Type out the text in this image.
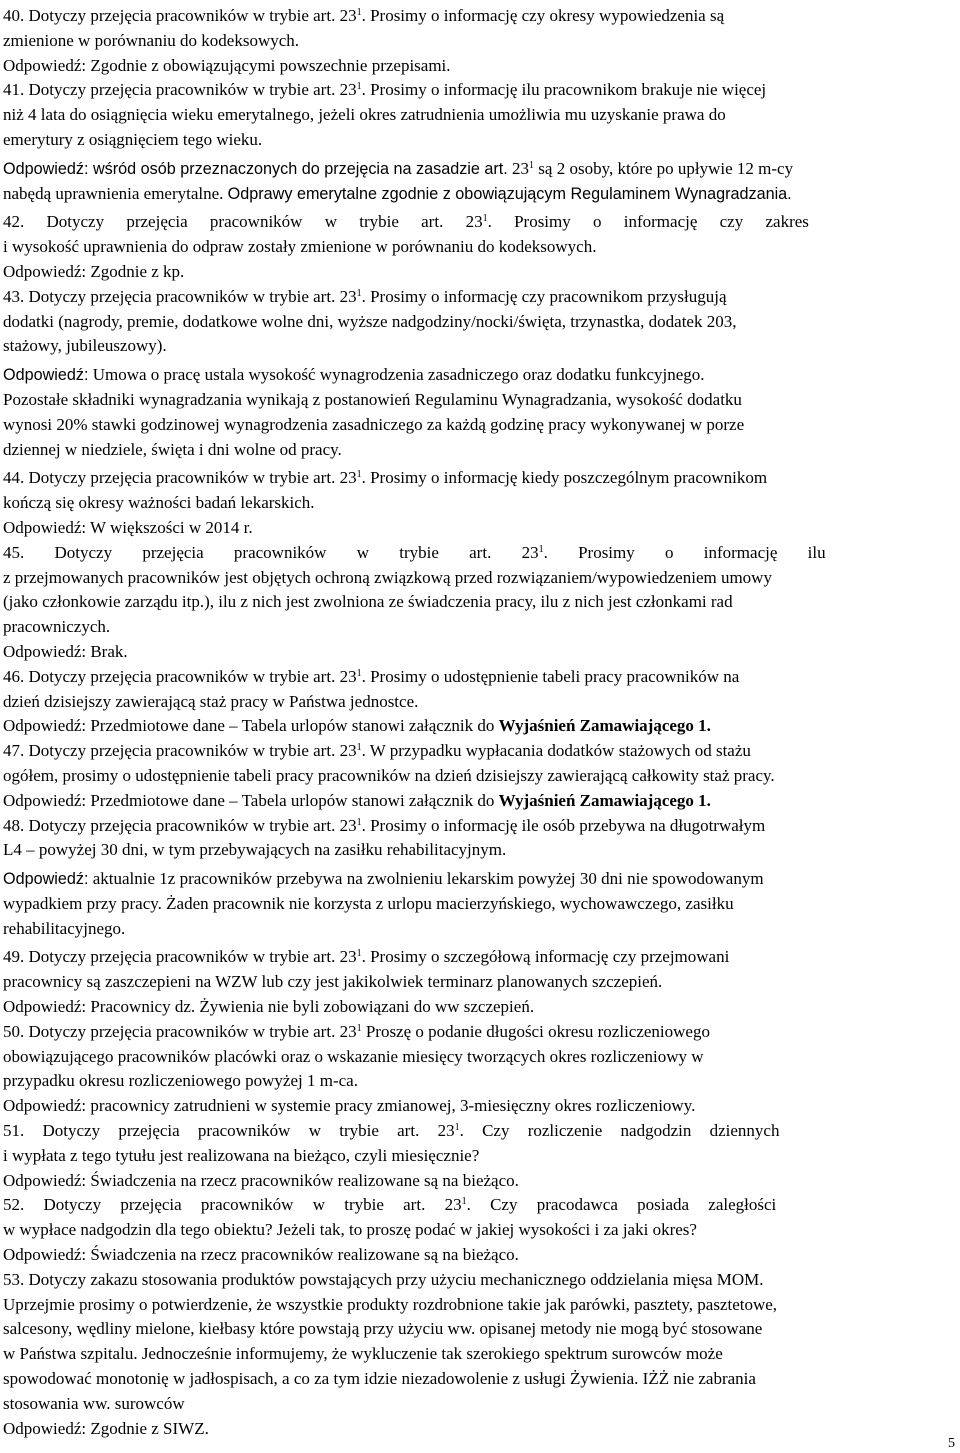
40. Dotyczy przejęcia pracowników w trybie art. $23^1$. Prosimy o informację czy okresy wypowiedzenia są
zmienione w porównaniu do kodeksowych.
Odpowiedź: Zgodnie z obowiązującymi powszechnie przepisami.
41. Dotyczy przejęcia pracowników w trybie art. $23^1$. Prosimy o informację ilu pracownikom brakuje nie więcej
niż 4 lata do osiągnięcia wieku emerytalnego, jeżeli okres zatrudnienia umożliwia mu uzyskanie prawa do
emerytury z osiągnięciem tego wieku.
Odpowiedź: wśród osób przeznaczonych do przejęcia na zasadzie art. $23^1$ są 2 osoby, które po upływie 12 m-cy
nabędą uprawnienia emerytalne. Odprawy emerytalne zgodnie z obowiązującym Regulaminem Wynagradzania.
42. Dotyczy przejęcia pracowników w trybie art. $23^1$. Prosimy o informację czy zakres
i wysokość uprawnienia do odpraw zostały zmienione w porównaniu do kodeksowych.
Odpowiedź: Zgodnie z kp.
43. Dotyczy przejęcia pracowników w trybie art. $23^1$. Prosimy o informację czy pracownikom przysługują
dodatki (nagrody, premie, dodatkowe wolne dni, wyższe nadgodziny/nocki/święta, trzynastka, dodatek 203,
stażowy, jubileuszowy).
Odpowiedź: Umowa o pracę ustala wysokość wynagrodzenia zasadniczego oraz dodatku funkcyjnego.
Pozostałe składniki wynagradzania wynikają z postanowień Regulaminu Wynagradzania, wysokość dodatku
wynosi 20% stawki godzinowej wynagrodzenia zasadniczego za każdą godzinę pracy wykonywanej w porze
dziennej w niedziele, święta i dni wolne od pracy.
44. Dotyczy przejęcia pracowników w trybie art. $23^1$. Prosimy o informację kiedy poszczególnym pracownikom
kończą się okresy ważności badań lekarskich.
Odpowiedź: W większości w 2014 r.
45. Dotyczy przejęcia pracowników w trybie art. $23^1$. Prosimy o informację ilu
z przejmowanych pracowników jest objętych ochroną związkową przed rozwiązaniem/wypowiedzeniem umowy
(jako członkowie zarządu itp.), ilu z nich jest zwolniona ze świadczenia pracy, ilu z nich jest członkami rad
pracowniczych.
Odpowiedź: Brak.
46. Dotyczy przejęcia pracowników w trybie art. $23^1$. Prosimy o udostępnienie tabeli pracy pracowników na
dzień dzisiejszy zawierającą staż pracy w Państwa jednostce.
Odpowiedź: Przedmiotowe dane – Tabela urlopów stanowi załącznik do Wyjaśnień Zamawiającego 1.
47. Dotyczy przejęcia pracowników w trybie art. $23^1$. W przypadku wypłacania dodatków stażowych od stażu
ogółem, prosimy o udostępnienie tabeli pracy pracowników na dzień dzisiejszy zawierającą całkowity staż pracy.
Odpowiedź: Przedmiotowe dane – Tabela urlopów stanowi załącznik do Wyjaśnień Zamawiającego 1.
48. Dotyczy przejęcia pracowników w trybie art. $23^1$. Prosimy o informację ile osób przebywa na długotrwałym
L4 – powyżej 30 dni, w tym przebywających na zasiłku rehabilitacyjnym.
Odpowiedź: aktualnie 1z pracowników przebywa na zwolnieniu lekarskim powyżej 30 dni nie spowodowanym
wypadkiem przy pracy. Żaden pracownik nie korzysta z urlopu macierzyńskiego, wychowawczego, zasiłku
rehabilitacyjnego.
49. Dotyczy przejęcia pracowników w trybie art. $23^1$. Prosimy o szczegółową informację czy przejmowani
pracownicy są zaszczepieni na WZW lub czy jest jakikolwiek terminarz planowanych szczepień.
Odpowiedź: Pracownicy dz. Żywienia nie byli zobowiązani do ww szczepień.
50. Dotyczy przejęcia pracowników w trybie art. $23^1$ Proszę o podanie długości okresu rozliczeniowego
obowiązującego pracowników placówki oraz o wskazanie miesięcy tworzących okres rozliczeniowy w
przypadku okresu rozliczeniowego powyżej 1 m-ca.
Odpowiedź: pracownicy zatrudnieni w systemie pracy zmianowej, 3-miesięczny okres rozliczeniowy.
51. Dotyczy przejęcia pracowników w trybie art. $23^1$. Czy rozliczenie nadgodzin dziennych
i wypłata z tego tytułu jest realizowana na bieżąco, czyli miesięcznie?
Odpowiedź: Świadczenia na rzecz pracowników realizowane są na bieżąco.
52. Dotyczy przejęcia pracowników w trybie art. $23^1$. Czy pracodawca posiada zaległości
w wypłace nadgodzin dla tego obiektu? Jeżeli tak, to proszę podać w jakiej wysokości i za jaki okres?
Odpowiedź: Świadczenia na rzecz pracowników realizowane są na bieżąco.
53. Dotyczy zakazu stosowania produktów powstających przy użyciu mechanicznego oddzielania mięsa MOM.
Uprzejmie prosimy o potwierdzenie, że wszystkie produkty rozdrobnione takie jak parówki, pasztety, pasztetowe,
salcesony, wędliny mielone, kiełbasy które powstają przy użyciu ww. opisanej metody nie mogą być stosowane
w Państwa szpitalu. Jednocześnie informujemy, że wykluczenie tak szerokiego spektrum surowców może
spowodować monotonię w jadłospisach, a co za tym idzie niezadowolenie z usługi Żywienia. IŻŻ nie zabrania
stosowania ww. surowców
Odpowiedź: Zgodnie z SIWZ.
5
